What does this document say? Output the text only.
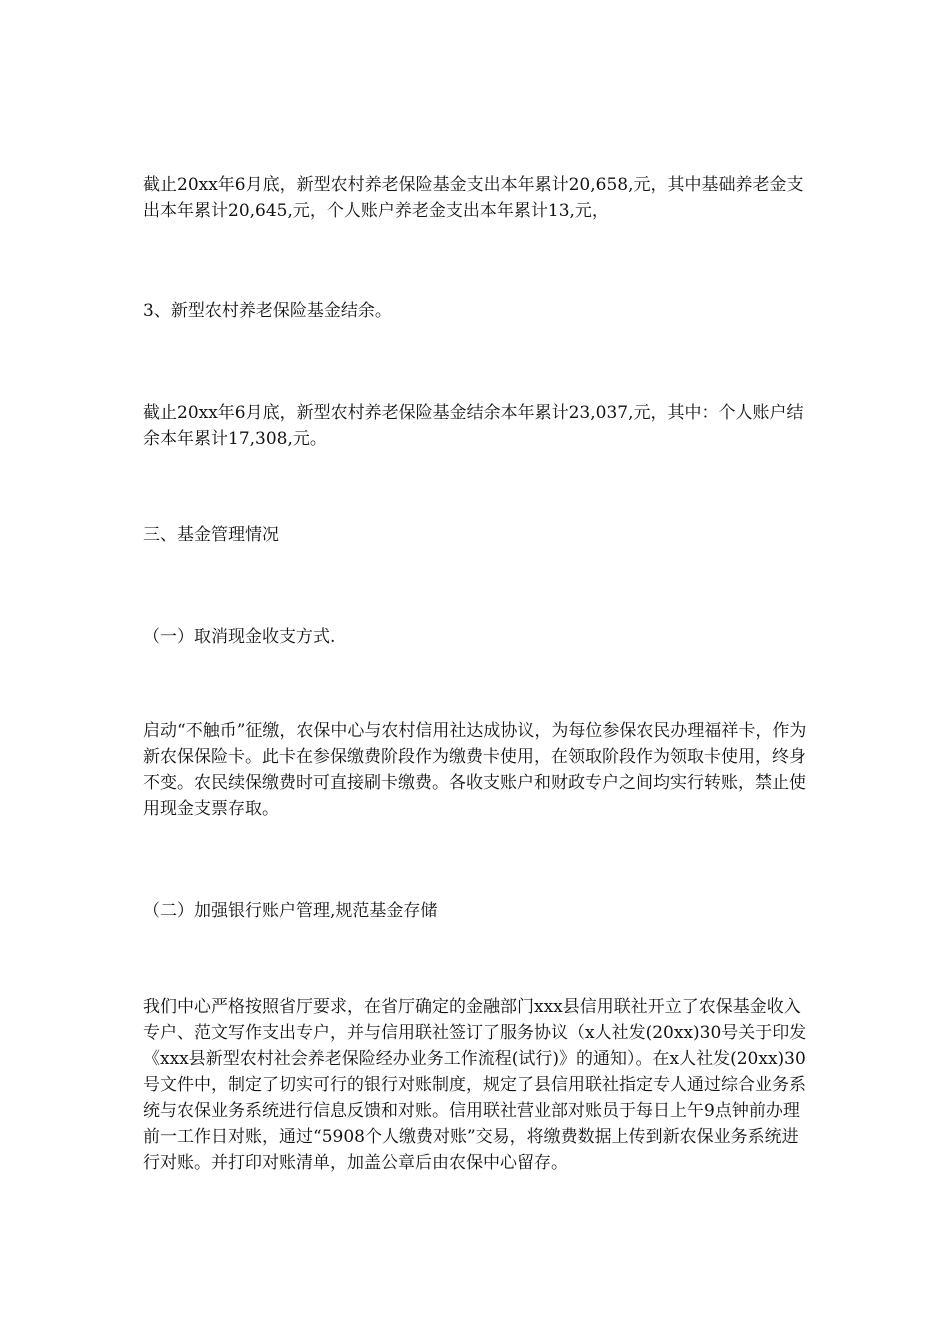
截止20xx年6月底，新型农村养老保险基金支出本年累计20,658,元，其中基础养老金支出本年累计20,645,元，个人账户养老金支出本年累计13,元，

3、新型农村养老保险基金结余。

截止20xx年6月底，新型农村养老保险基金结余本年累计23,037,元，其中：个人账户结余本年累计17,308,元。

三、基金管理情况

（一）取消现金收支方式.

启动“不触币”征缴，农保中心与农村信用社达成协议，为每位参保农民办理福祥卡，作为新农保保险卡。此卡在参保缴费阶段作为缴费卡使用，在领取阶段作为领取卡使用，终身不变。农民续保缴费时可直接刷卡缴费。各收支账户和财政专户之间均实行转账，禁止使用现金支票存取。

（二）加强银行账户管理,规范基金存储

我们中心严格按照省厅要求，在省厅确定的金融部门xxx县信用联社开立了农保基金收入专户、范文写作支出专户，并与信用联社签订了服务协议（x人社发(20xx)30号关于印发《xxx县新型农村社会养老保险经办业务工作流程(试行)》的通知）。在x人社发(20xx)30号文件中，制定了切实可行的银行对账制度，规定了县信用联社指定专人通过综合业务系统与农保业务系统进行信息反馈和对账。信用联社营业部对账员于每日上午9点钟前办理前一工作日对账，通过“5908个人缴费对账”交易，将缴费数据上传到新农保业务系统进行对账。并打印对账清单，加盖公章后由农保中心留存。
